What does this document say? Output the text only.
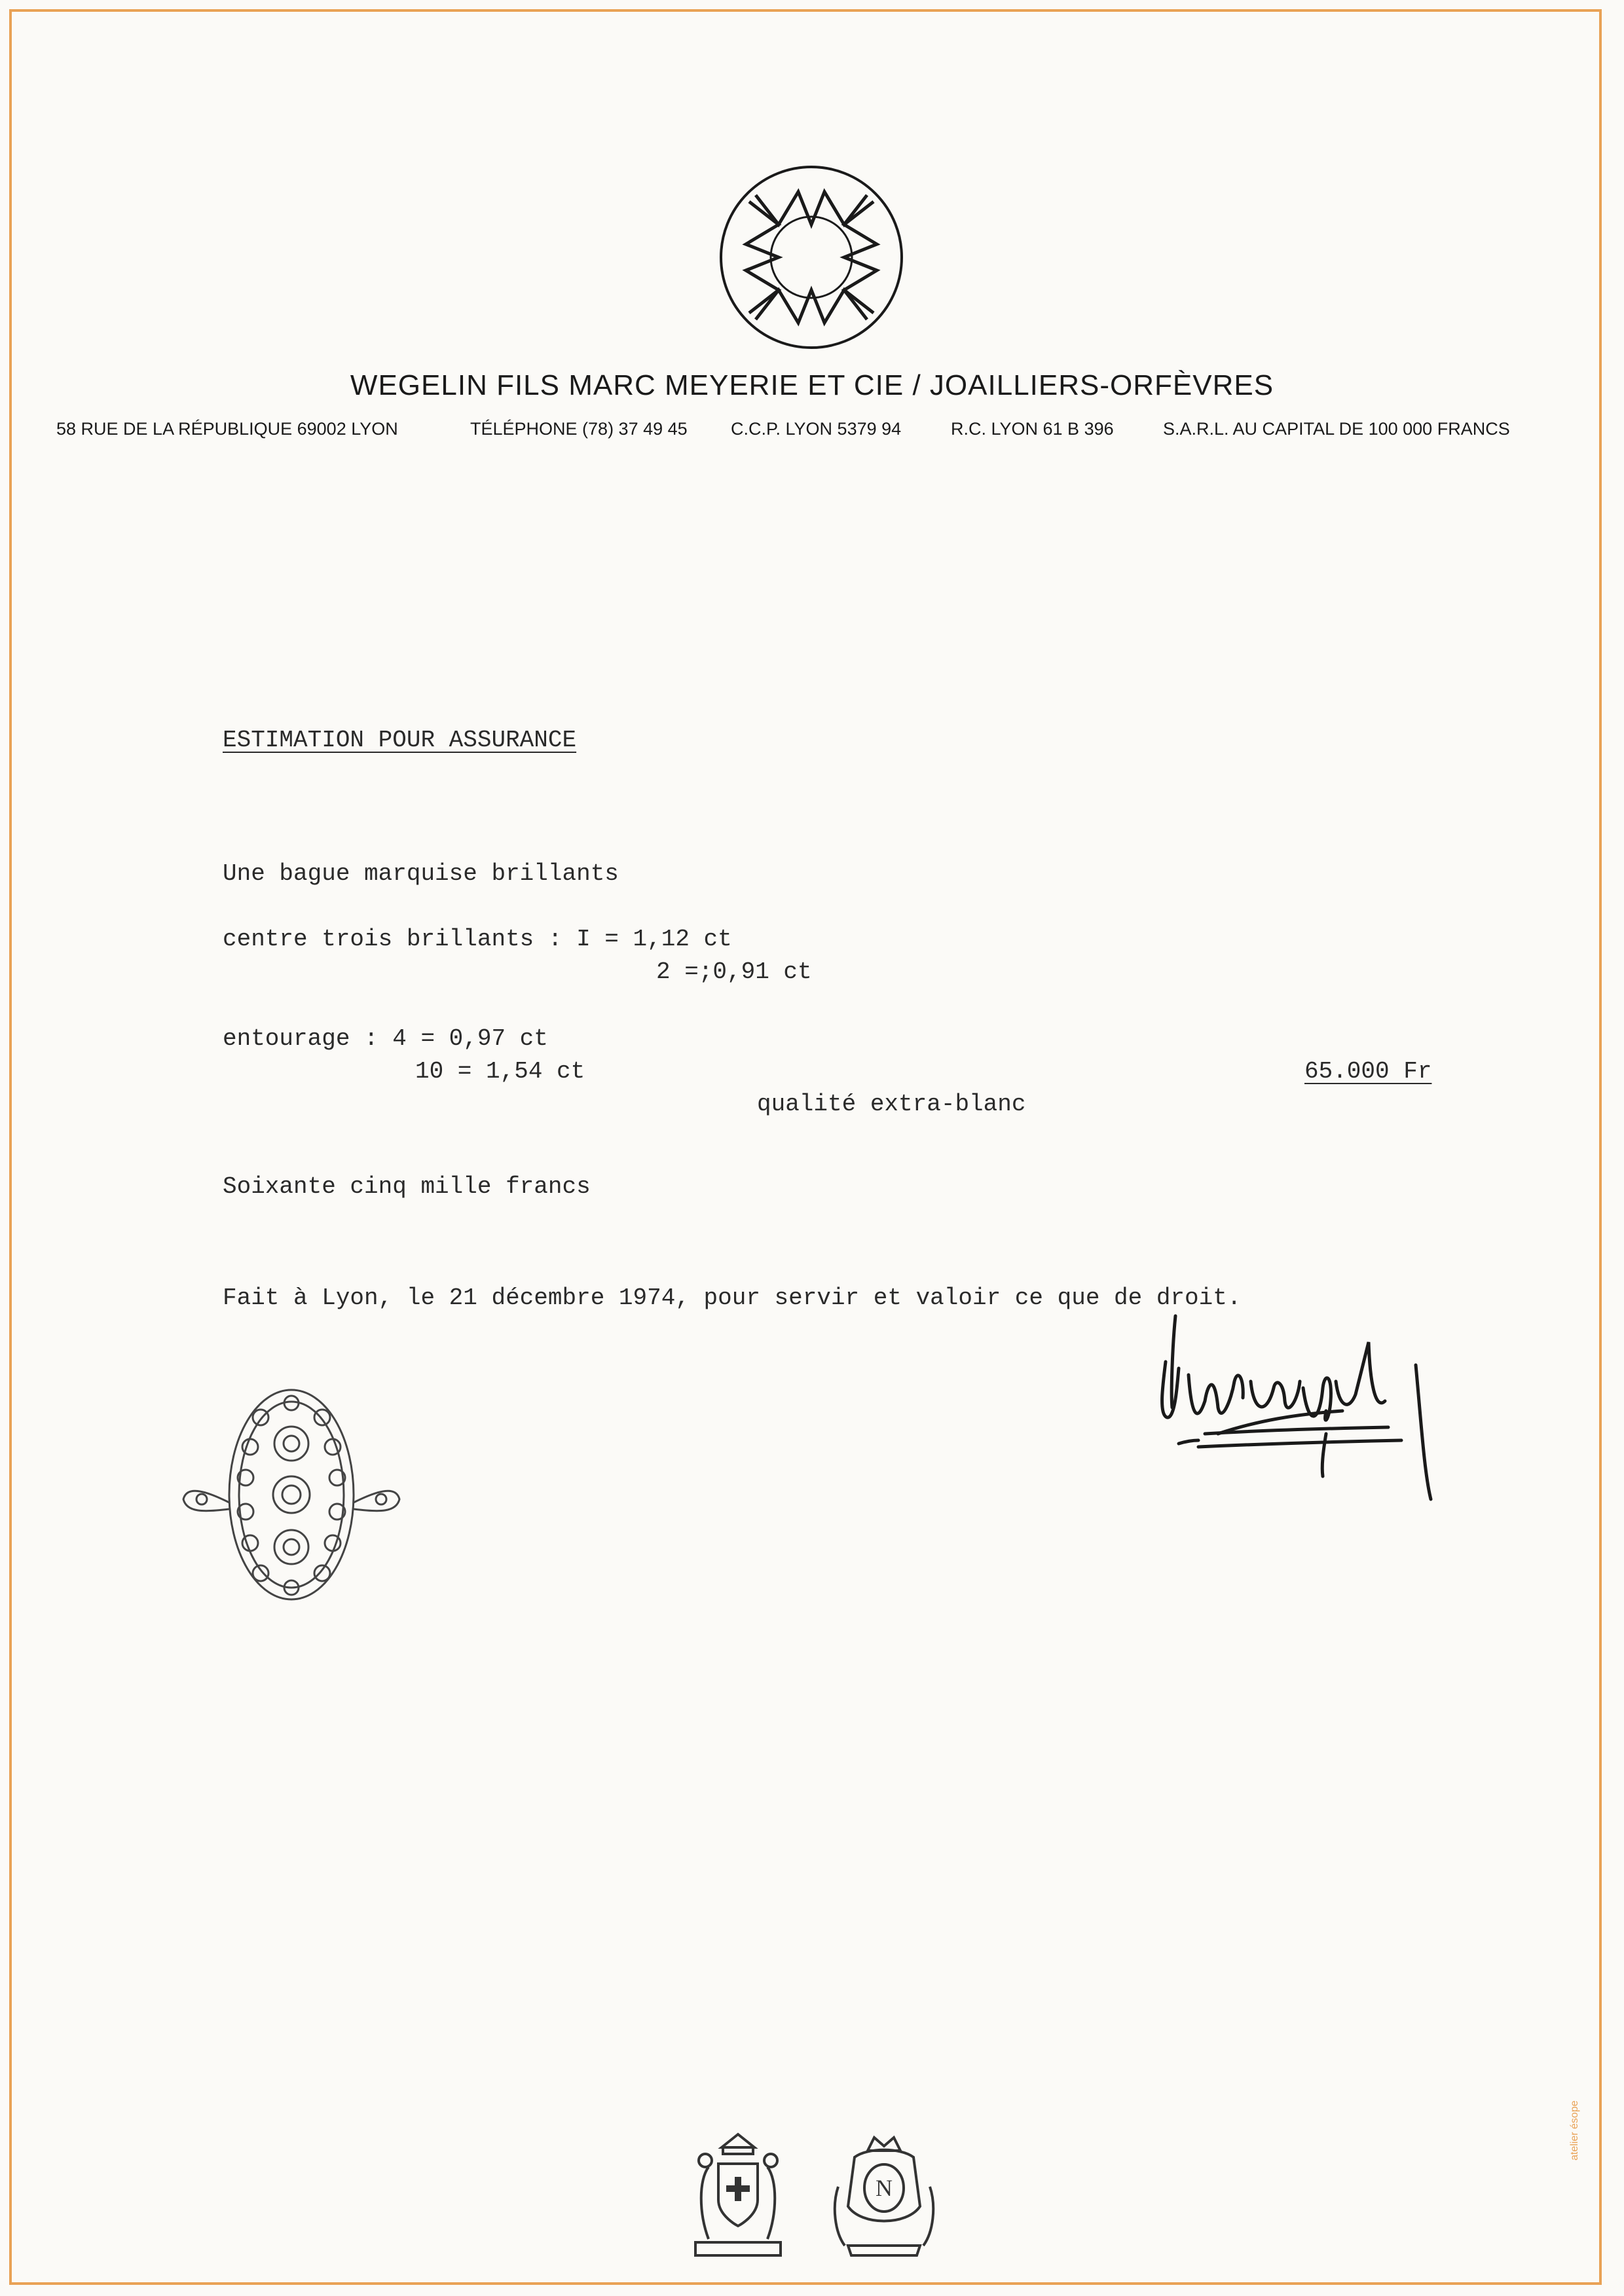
WEGELIN FILS MARC MEYERIE ET CIE / JOAILLIERS-ORFÈVRES
58 RUE DE LA RÉPUBLIQUE 69002 LYON	TÉLÉPHONE (78) 37 49 45 C.C.P. LYON 5379 94	R.C. LYON 61 B 396	S.A.R.L. AU CAPITAL DE 100 000 FRANCS
ESTIMATION POUR ASSURANCE
Une bague marquise brillants
centre trois brillants : I = 1,12 ct
2 =;0,91 ct
entourage : 4 = 0,97 ct
10 = 1,54 ct	65.000 Fr
qualité extra-blanc
Soixante cinq mille francs
Fait à Lyon, le 21 décembre 1974, pour servir et valoir ce que de droit.
N
atelier ésope
